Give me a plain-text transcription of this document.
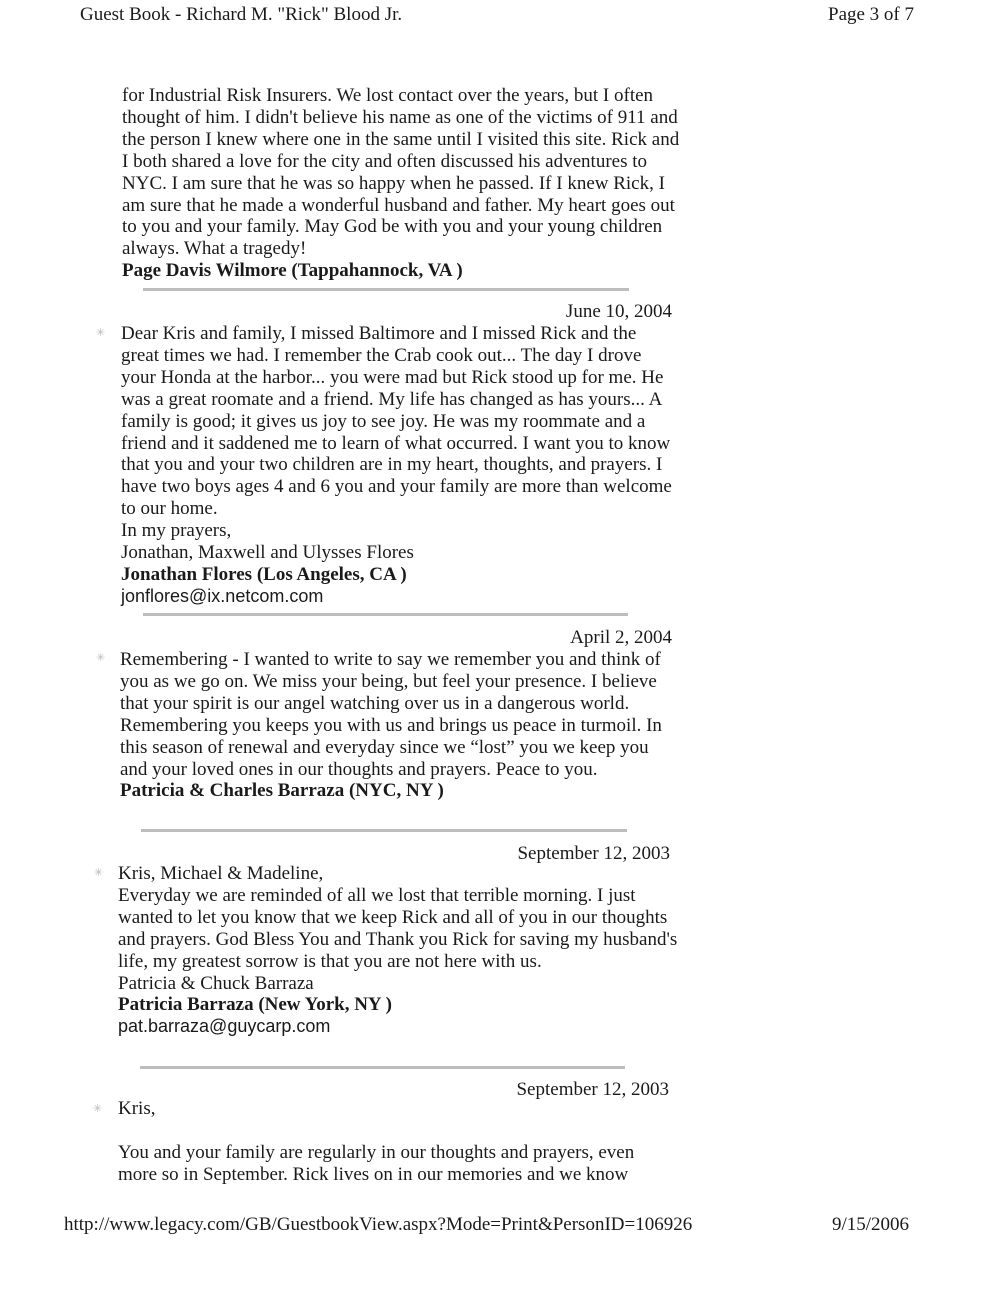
Guest Book - Richard M. "Rick" Blood Jr.	Page 3 of 7

for Industrial Risk Insurers. We lost contact over the years, but I often thought of him. I didn't believe his name as one of the victims of 911 and the person I knew where one in the same until I visited this site. Rick and I both shared a love for the city and often discussed his adventures to NYC. I am sure that he was so happy when he passed. If I knew Rick, I am sure that he made a wonderful husband and father. My heart goes out to you and your family. May God be with you and your young children always. What a tragedy!

Page Davis Wilmore (Tappahannock, VA )

June 10, 2004
✳ Dear Kris and family, I missed Baltimore and I missed Rick and the great times we had. I remember the Crab cook out... The day I drove your Honda at the harbor... you were mad but Rick stood up for me. He was a great roomate and a friend. My life has changed as has yours... A family is good; it gives us joy to see joy. He was my roommate and a friend and it saddened me to learn of what occurred. I want you to know that you and your two children are in my heart, thoughts, and prayers. I have two boys ages 4 and 6 you and your family are more than welcome to our home.

In my prayers,

Jonathan, Maxwell and Ulysses Flores

Jonathan Flores (Los Angeles, CA )

jonflores@ix.netcom.com

April 2, 2004
✳ Remembering - I wanted to write to say we remember you and think of you as we go on. We miss your being, but feel your presence. I believe that your spirit is our angel watching over us in a dangerous world. Remembering you keeps you with us and brings us peace in turmoil. In this season of renewal and everyday since we “lost” you we keep you and your loved ones in our thoughts and prayers. Peace to you.

Patricia & Charles Barraza (NYC, NY )

September 12, 2003
✳ Kris, Michael & Madeline,

Everyday we are reminded of all we lost that terrible morning. I just wanted to let you know that we keep Rick and all of you in our thoughts and prayers. God Bless You and Thank you Rick for saving my husband's life, my greatest sorrow is that you are not here with us.

Patricia & Chuck Barraza

Patricia Barraza (New York, NY )

pat.barraza@guycarp.com

September 12, 2003
✳ Kris,

You and your family are regularly in our thoughts and prayers, even more so in September. Rick lives on in our memories and we know

http://www.legacy.com/GB/GuestbookView.aspx?Mode=Print&PersonID=106926	9/15/2006
